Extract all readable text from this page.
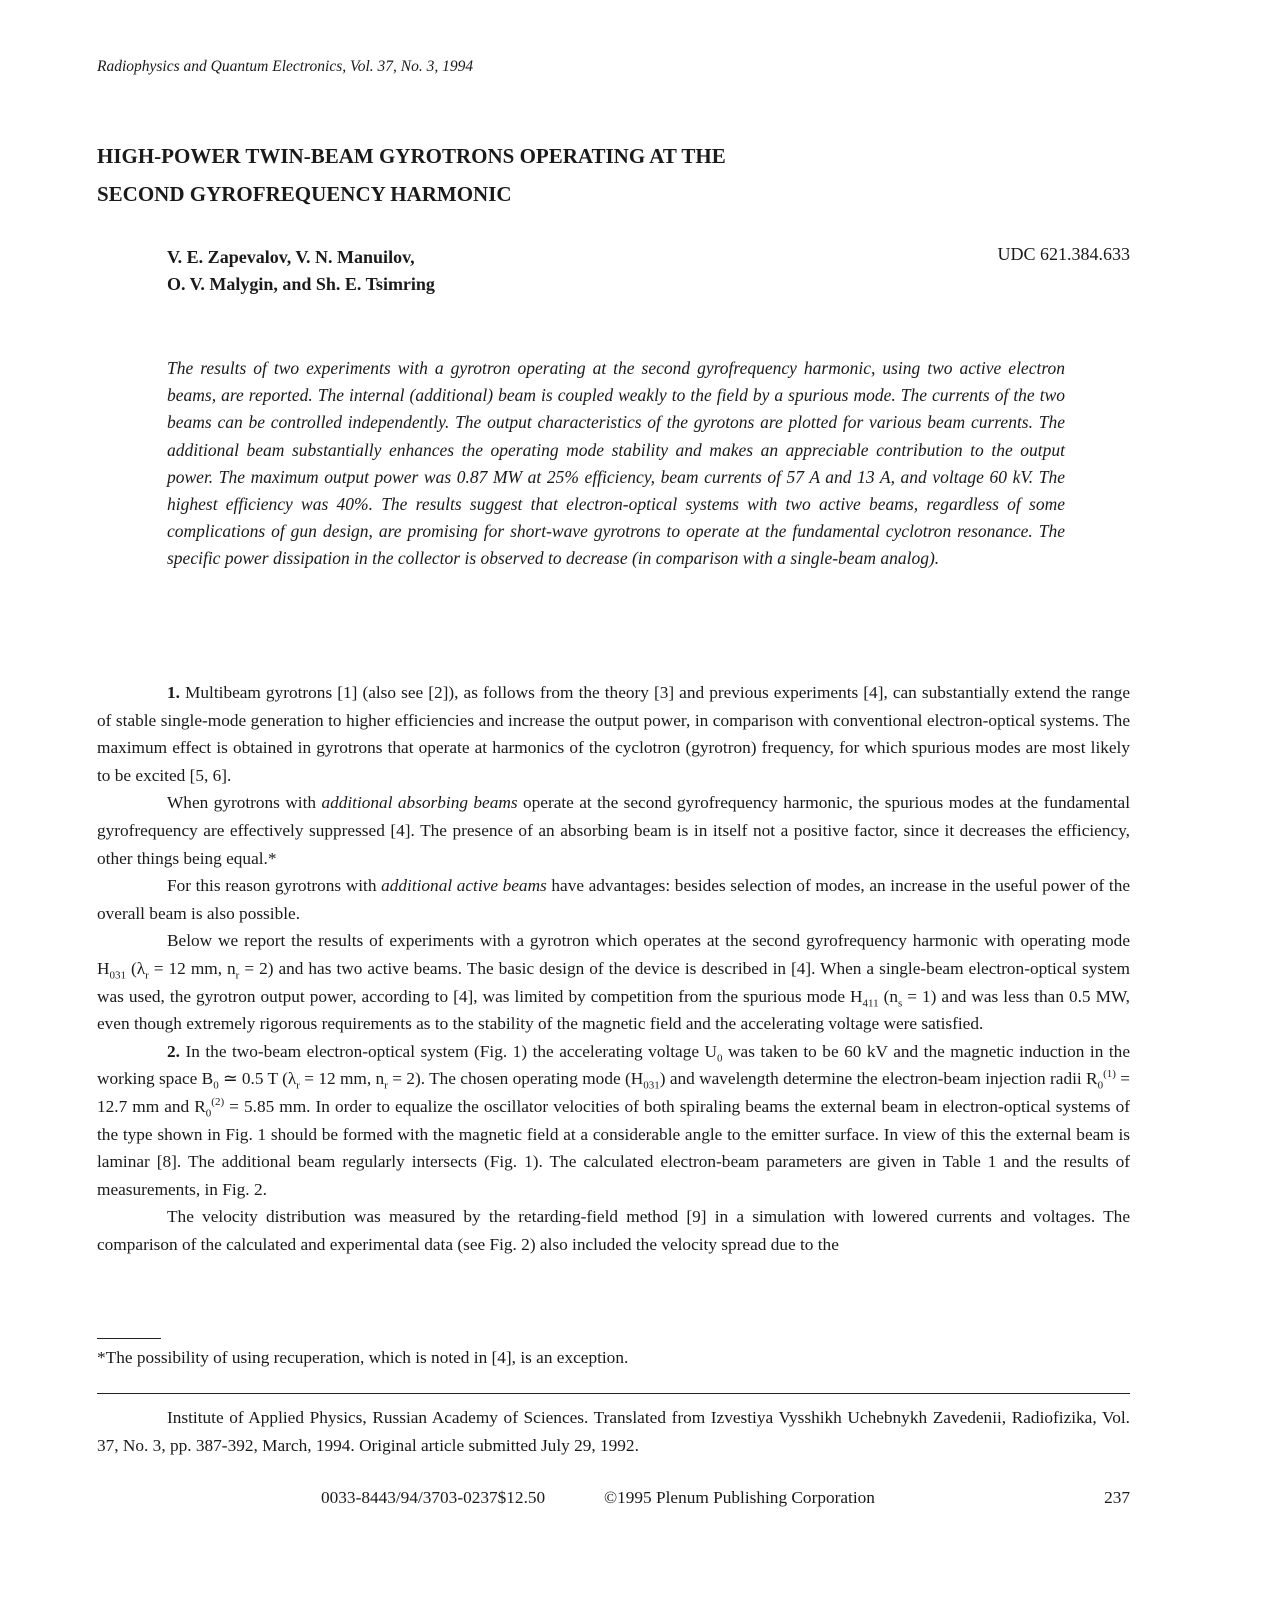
Radiophysics and Quantum Electronics, Vol. 37, No. 3, 1994
HIGH-POWER TWIN-BEAM GYROTRONS OPERATING AT THE
SECOND GYROFREQUENCY HARMONIC
V. E. Zapevalov, V. N. Manuilov,
O. V. Malygin, and Sh. E. Tsimring
UDC 621.384.633
The results of two experiments with a gyrotron operating at the second gyrofrequency harmonic, using two active electron beams, are reported. The internal (additional) beam is coupled weakly to the field by a spurious mode. The currents of the two beams can be controlled independently. The output characteristics of the gyrotons are plotted for various beam currents. The additional beam substantially enhances the operating mode stability and makes an appreciable contribution to the output power. The maximum output power was 0.87 MW at 25% efficiency, beam currents of 57 A and 13 A, and voltage 60 kV. The highest efficiency was 40%. The results suggest that electron-optical systems with two active beams, regardless of some complications of gun design, are promising for short-wave gyrotrons to operate at the fundamental cyclotron resonance. The specific power dissipation in the collector is observed to decrease (in comparison with a single-beam analog).

1. Multibeam gyrotrons [1] (also see [2]), as follows from the theory [3] and previous experiments [4], can substantially extend the range of stable single-mode generation to higher efficiencies and increase the output power, in comparison with conventional electron-optical systems. The maximum effect is obtained in gyrotrons that operate at harmonics of the cyclotron (gyrotron) frequency, for which spurious modes are most likely to be excited [5, 6].

When gyrotrons with additional absorbing beams operate at the second gyrofrequency harmonic, the spurious modes at the fundamental gyrofrequency are effectively suppressed [4]. The presence of an absorbing beam is in itself not a positive factor, since it decreases the efficiency, other things being equal.*

For this reason gyrotrons with additional active beams have advantages: besides selection of modes, an increase in the useful power of the overall beam is also possible.

Below we report the results of experiments with a gyrotron which operates at the second gyrofrequency harmonic with operating mode $H_{031}$ ($\lambda_r = 12$ mm, $n_r = 2$) and has two active beams. The basic design of the device is described in [4]. When a single-beam electron-optical system was used, the gyrotron output power, according to [4], was limited by competition from the spurious mode $H_{411}$ $(n_s = 1)$ and was less than 0.5 MW, even though extremely rigorous requirements as to the stability of the magnetic field and the accelerating voltage were satisfied.

2. In the two-beam electron-optical system (Fig. 1) the accelerating voltage $U_0$ was taken to be 60 kV and the magnetic induction in the working space $B_0$ ≃ 0.5 T ($\lambda_r = 12$ mm, $n_r = 2$). The chosen operating mode $(H_{031})$ and wavelength determine the electron-beam injection radii $R_0^{(1)} = 12.7$ mm and $R_0^{(2)} = 5.85$ mm. In order to equalize the oscillator velocities of both spiraling beams the external beam in electron-optical systems of the type shown in Fig. 1 should be formed with the magnetic field at a considerable angle to the emitter surface. In view of this the external beam is laminar [8]. The additional beam regularly intersects (Fig. 1). The calculated electron-beam parameters are given in Table 1 and the results of measurements, in Fig. 2.

The velocity distribution was measured by the retarding-field method [9] in a simulation with lowered currents and voltages. The comparison of the calculated and experimental data (see Fig. 2) also included the velocity spread due to the

*The possibility of using recuperation, which is noted in [4], is an exception.
Institute of Applied Physics, Russian Academy of Sciences. Translated from Izvestiya Vysshikh Uchebnykh Zavedenii, Radiofizika, Vol. 37, No. 3, pp. 387-392, March, 1994. Original article submitted July 29, 1992.
0033-8443/94/3703-0237$12.50	©1995 Plenum Publishing Corporation	237
